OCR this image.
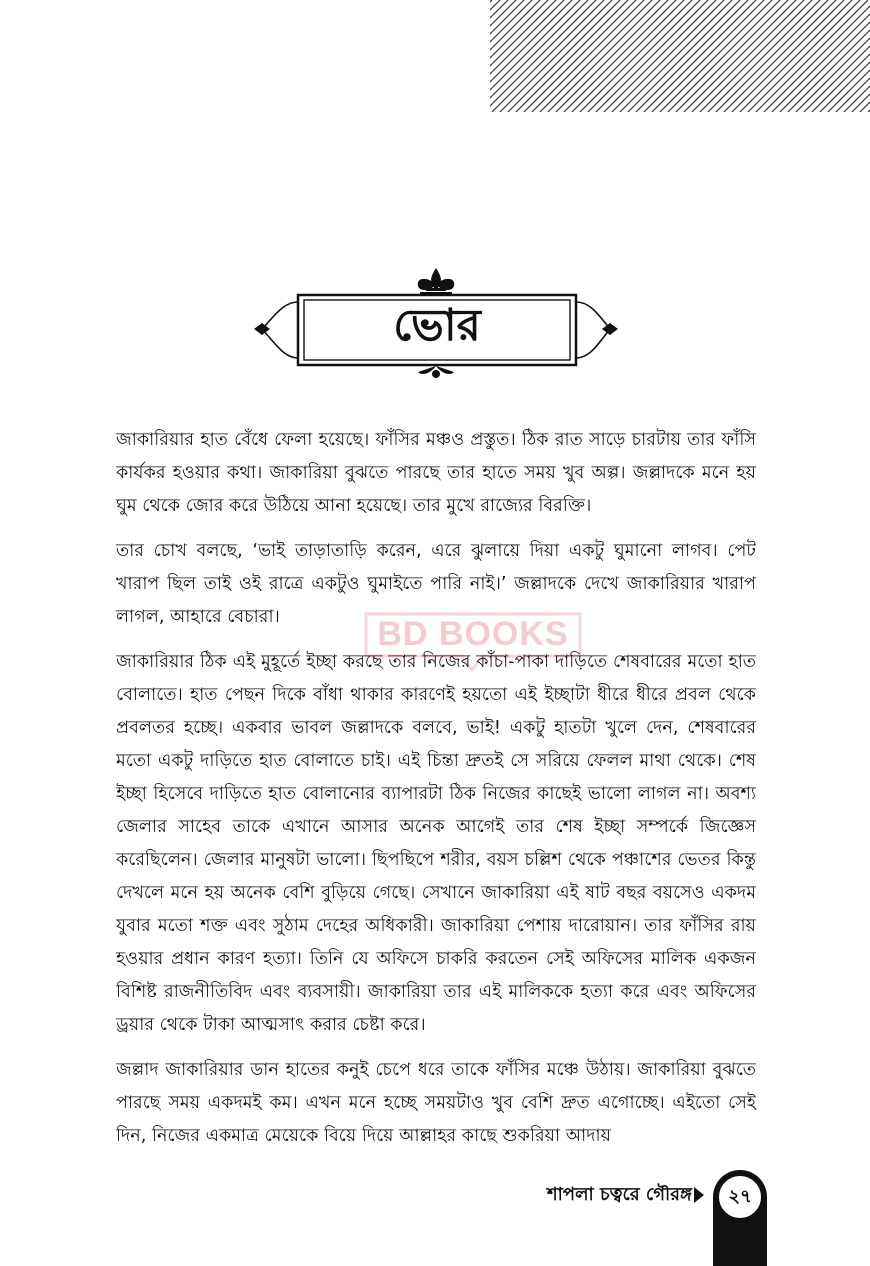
ভোর
BD BOOKS

জাকারিয়ার হাত বেঁধে ফেলা হয়েছে। ফাঁসির মঞ্চও প্রস্তুত। ঠিক রাত সাড়ে চারটায় তার ফাঁসি কার্যকর হওয়ার কথা। জাকারিয়া বুঝতে পারছে তার হাতে সময় খুব অল্প। জল্লাদকে মনে হয় ঘুম থেকে জোর করে উঠিয়ে আনা হয়েছে। তার মুখে রাজ্যের বিরক্তি।

তার চোখ বলছে, ‘ভাই তাড়াতাড়ি করেন, এরে ঝুলায়ে দিয়া একটু ঘুমানো লাগব। পেট খারাপ ছিল তাই ওই রাত্রে একটুও ঘুমাইতে পারি নাই।’ জল্লাদকে দেখে জাকারিয়ার খারাপ লাগল, আহারে বেচারা।

জাকারিয়ার ঠিক এই মুহূর্তে ইচ্ছা করছে তার নিজের কাঁচা-পাকা দাড়িতে শেষবারের মতো হাত বোলাতে। হাত পেছন দিকে বাঁধা থাকার কারণেই হয়তো এই ইচ্ছাটা ধীরে ধীরে প্রবল থেকে প্রবলতর হচ্ছে। একবার ভাবল জল্লাদকে বলবে, ভাই! একটু হাতটা খুলে দেন, শেষবারের মতো একটু দাড়িতে হাত বোলাতে চাই। এই চিন্তা দ্রুতই সে সরিয়ে ফেলল মাথা থেকে। শেষ ইচ্ছা হিসেবে দাড়িতে হাত বোলানোর ব্যাপারটা ঠিক নিজের কাছেই ভালো লাগল না। অবশ্য জেলার সাহেব তাকে এখানে আসার অনেক আগেই তার শেষ ইচ্ছা সম্পর্কে জিজ্ঞেস করেছিলেন। জেলার মানুষটা ভালো। ছিপছিপে শরীর, বয়স চল্লিশ থেকে পঞ্চাশের ভেতর কিন্তু দেখলে মনে হয় অনেক বেশি বুড়িয়ে গেছে। সেখানে জাকারিয়া এই ষাট বছর বয়সেও একদম যুবার মতো শক্ত এবং সুঠাম দেহের অধিকারী। জাকারিয়া পেশায় দারোয়ান। তার ফাঁসির রায় হওয়ার প্রধান কারণ হত্যা। তিনি যে অফিসে চাকরি করতেন সেই অফিসের মালিক একজন বিশিষ্ট রাজনীতিবিদ এবং ব্যবসায়ী। জাকারিয়া তার এই মালিককে হত্যা করে এবং অফিসের ড্রয়ার থেকে টাকা আত্মসাৎ করার চেষ্টা করে।

জল্লাদ জাকারিয়ার ডান হাতের কনুই চেপে ধরে তাকে ফাঁসির মঞ্চে উঠায়। জাকারিয়া বুঝতে পারছে সময় একদমই কম। এখন মনে হচ্ছে সময়টাও খুব বেশি দ্রুত এগোচ্ছে। এইতো সেই দিন, নিজের একমাত্র মেয়েকে বিয়ে দিয়ে আল্লাহর কাছে শুকরিয়া আদায়

শাপলা চত্বরে গৌরঙ্গ	২৭
